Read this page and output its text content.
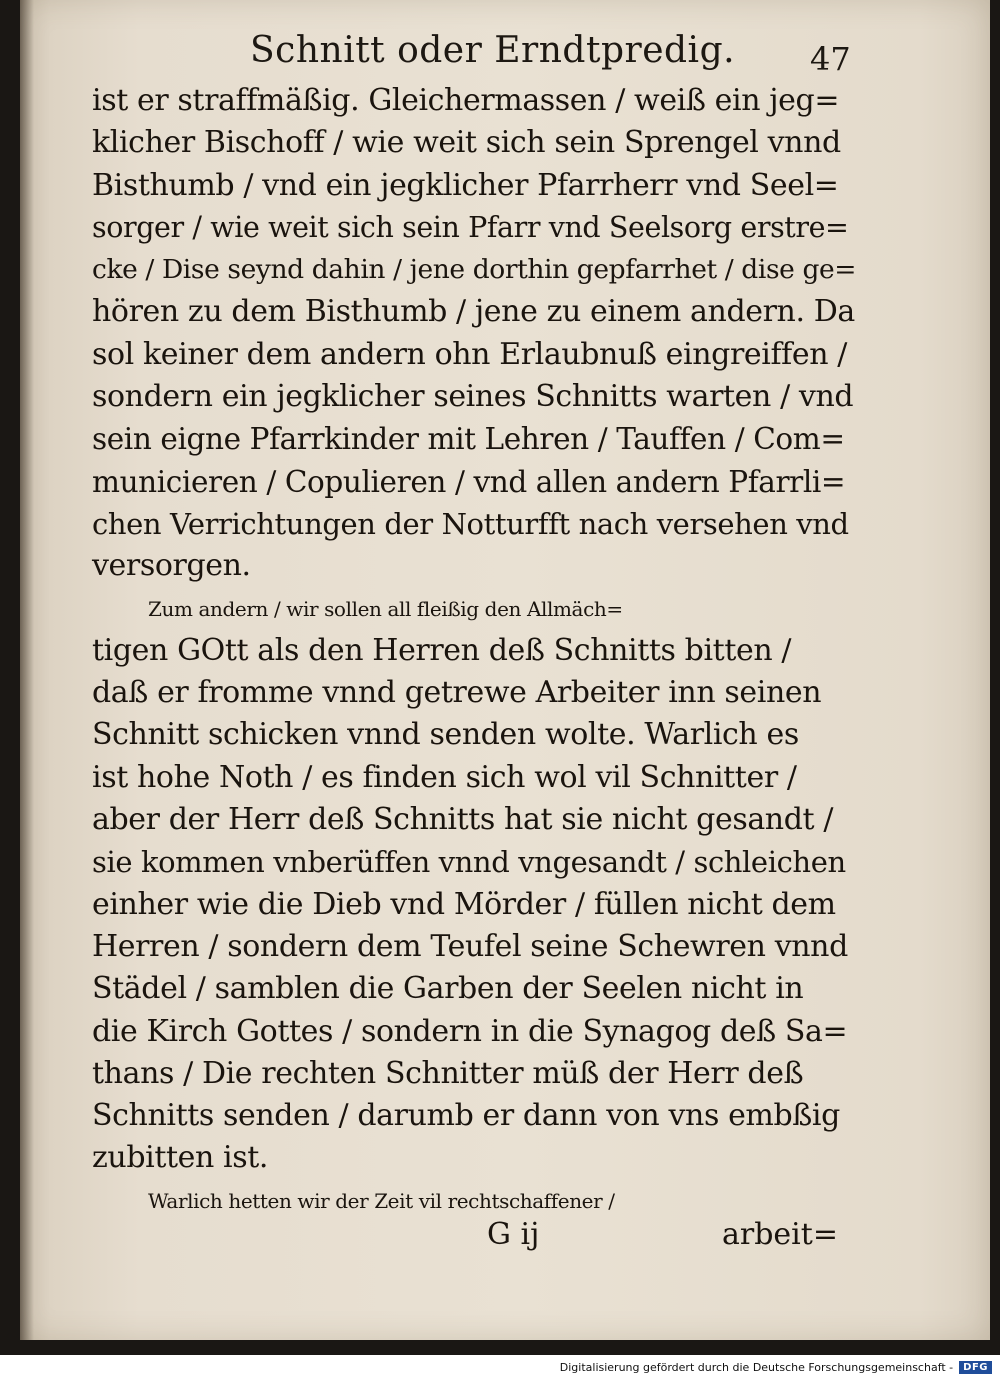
Schnitt oder Erndtpredig. 47
ist er straffmäßig. Gleichermassen / weiß ein jeg=
klicher Bischoff / wie weit sich sein Sprengel vnnd
Bisthumb / vnd ein jegklicher Pfarrherr vnd Seel=
sorger / wie weit sich sein Pfarr vnd Seelsorg erstre=
cke / Dise seynd dahin / jene dorthin gepfarrhet / dise ge=
hören zu dem Bisthumb / jene zu einem andern. Da
sol keiner dem andern ohn Erlaubnuß eingreiffen /
sondern ein jegklicher seines Schnitts warten / vnd
sein eigne Pfarrkinder mit Lehren / Tauffen / Com=
municieren / Copulieren / vnd allen andern Pfarrli=
chen Verrichtungen der Notturfft nach versehen vnd
versorgen.
Zum andern / wir sollen all fleißig den Allmäch=
tigen GOtt als den Herren deß Schnitts bitten /
daß er fromme vnnd getrewe Arbeiter inn seinen
Schnitt schicken vnnd senden wolte. Warlich es
ist hohe Noth / es finden sich wol vil Schnitter /
aber der Herr deß Schnitts hat sie nicht gesandt /
sie kommen vnberüffen vnnd vngesandt / schleichen
einher wie die Dieb vnd Mörder / füllen nicht dem
Herren / sondern dem Teufel seine Schewren vnnd
Städel / samblen die Garben der Seelen nicht in
die Kirch Gottes / sondern in die Synagog deß Sa=
thans / Die rechten Schnitter müß der Herr deß
Schnitts senden / darumb er dann von vns embßig
zubitten ist.
Warlich hetten wir der Zeit vil rechtschaffener /
G ij	arbeit=
Digitalisierung gefördert durch die Deutsche Forschungsgemeinschaft -	DFG
